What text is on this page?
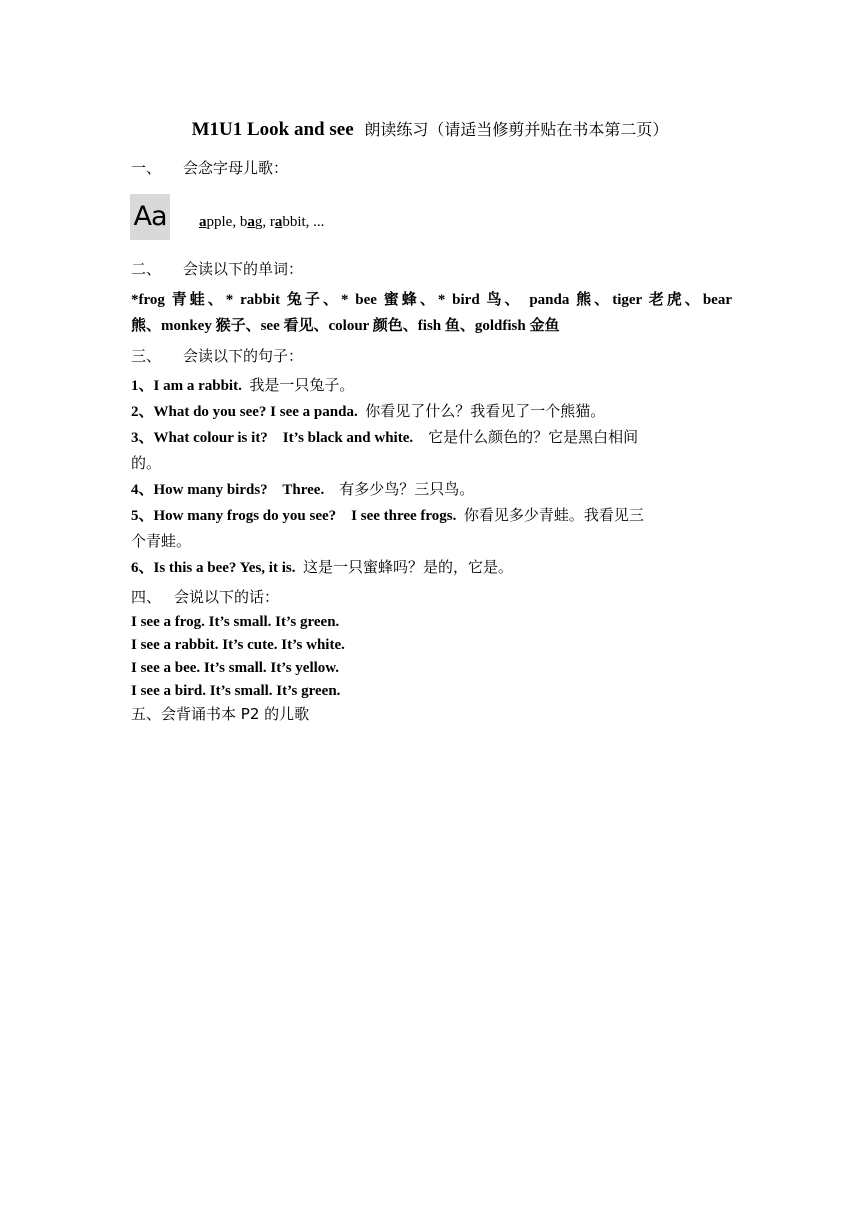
M1U1 Look and see 朗读练习（请适当修剪并贴在书本第二页）
一、 会念字母儿歌：
Aa apple, bag, rabbit, ...
二、 会读以下的单词：
*frog 青蛙、* rabbit 兔子、* bee 蜜蜂、* bird 鸟、 panda 熊、tiger 老虎、bear
熊、monkey 猴子、see 看见、colour 颜色、fish 鱼、goldfish 金鱼
三、 会读以下的句子：
1、I am a rabbit. 我是一只兔子。
2、What do you see? I see a panda. 你看见了什么？我看见了一个熊猫。
3、What colour is it?    It’s black and white. 它是什么颜色的？它是黑白相间
的。
4、How many birds?    Three. 有多少鸟？三只鸟。
5、How many frogs do you see?    I see three frogs. 你看见多少青蛙。我看见三
个青蛙。
6、Is this a bee? Yes, it is. 这是一只蜜蜂吗？是的，它是。
四、 会说以下的话：
I see a frog. It’s small. It’s green.
I see a rabbit. It’s cute. It’s white.
I see a bee. It’s small. It’s yellow.
I see a bird. It’s small. It’s green.
五、会背诵书本 P2 的儿歌
